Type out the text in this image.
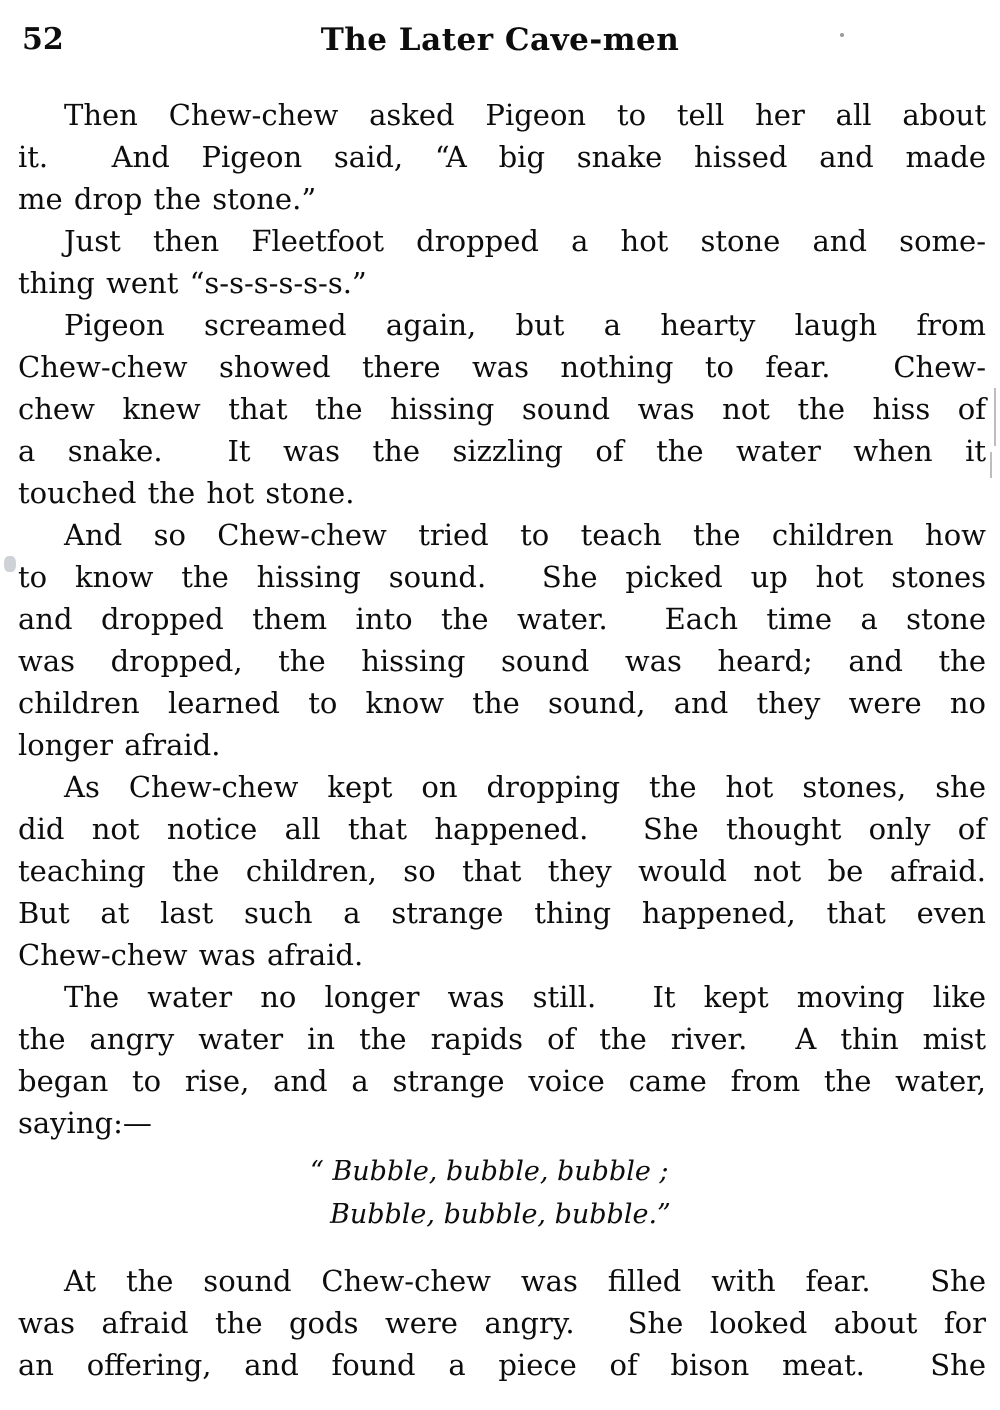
52	The Later Cave-men
Then Chew-chew asked Pigeon to tell her all about
it.  And Pigeon said, “A big snake hissed and made
me drop the stone.”
Just then Fleetfoot dropped a hot stone and some-
thing went “s-s-s-s-s-s.”
Pigeon screamed again, but a hearty laugh from
Chew-chew showed there was nothing to fear.  Chew-
chew knew that the hissing sound was not the hiss of
a snake.  It was the sizzling of the water when it
touched the hot stone.
And so Chew-chew tried to teach the children how
to know the hissing sound.  She picked up hot stones
and dropped them into the water.  Each time a stone
was dropped, the hissing sound was heard; and the
children learned to know the sound, and they were no
longer afraid.
As Chew-chew kept on dropping the hot stones, she
did not notice all that happened.  She thought only of
teaching the children, so that they would not be afraid.
But at last such a strange thing happened, that even
Chew-chew was afraid.
The water no longer was still.  It kept moving like
the angry water in the rapids of the river.  A thin mist
began to rise, and a strange voice came from the water,
saying:—
“ Bubble, bubble, bubble ;
Bubble, bubble, bubble.”
At the sound Chew-chew was filled with fear.  She
was afraid the gods were angry.  She looked about for
an offering, and found a piece of bison meat.  She
